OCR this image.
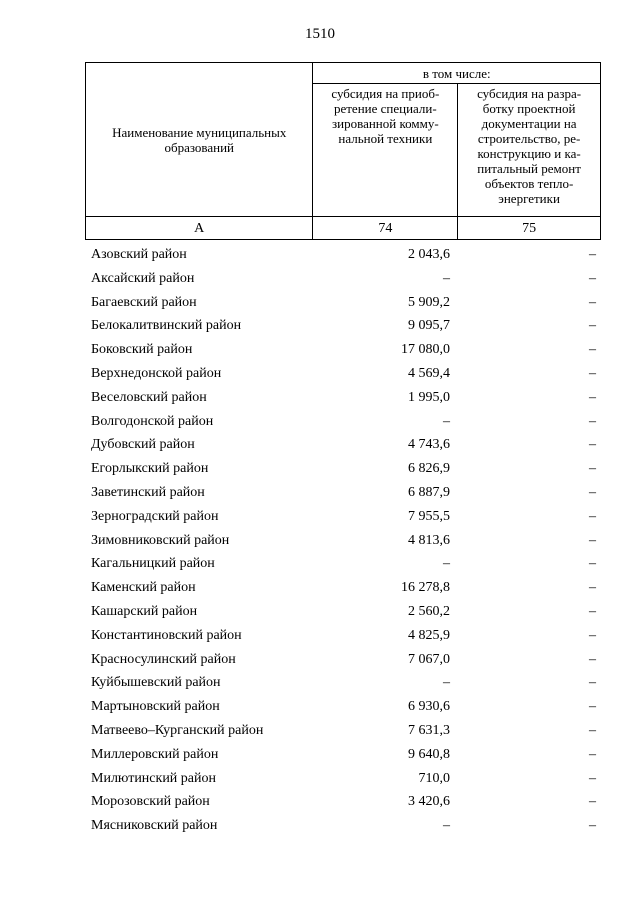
1510
Наименование муниципальных образований	в том числе:	
	субсидия на приоб-ретение специали-зированной комму-нальной техники	субсидия на разра-ботку проектной документации на строительство, ре-конструкцию и ка-питальный ремонт объектов тепло-энергетики
А	74	75
Азовский район	2 043,6	–
Аксайский район	–	–
Багаевский район	5 909,2	–
Белокалитвинский район	9 095,7	–
Боковский район	17 080,0	–
Верхнедонской район	4 569,4	–
Веселовский район	1 995,0	–
Волгодонской район	–	–
Дубовский район	4 743,6	–
Егорлыкский район	6 826,9	–
Заветинский район	6 887,9	–
Зерноградский район	7 955,5	–
Зимовниковский район	4 813,6	–
Кагальницкий район	–	–
Каменский район	16 278,8	–
Кашарский район	2 560,2	–
Константиновский район	4 825,9	–
Красносулинский район	7 067,0	–
Куйбышевский район	–	–
Мартыновский район	6 930,6	–
Матвеево–Курганский район	7 631,3	–
Миллеровский район	9 640,8	–
Милютинский район	710,0	–
Морозовский район	3 420,6	–
Мясниковский район	–	–
